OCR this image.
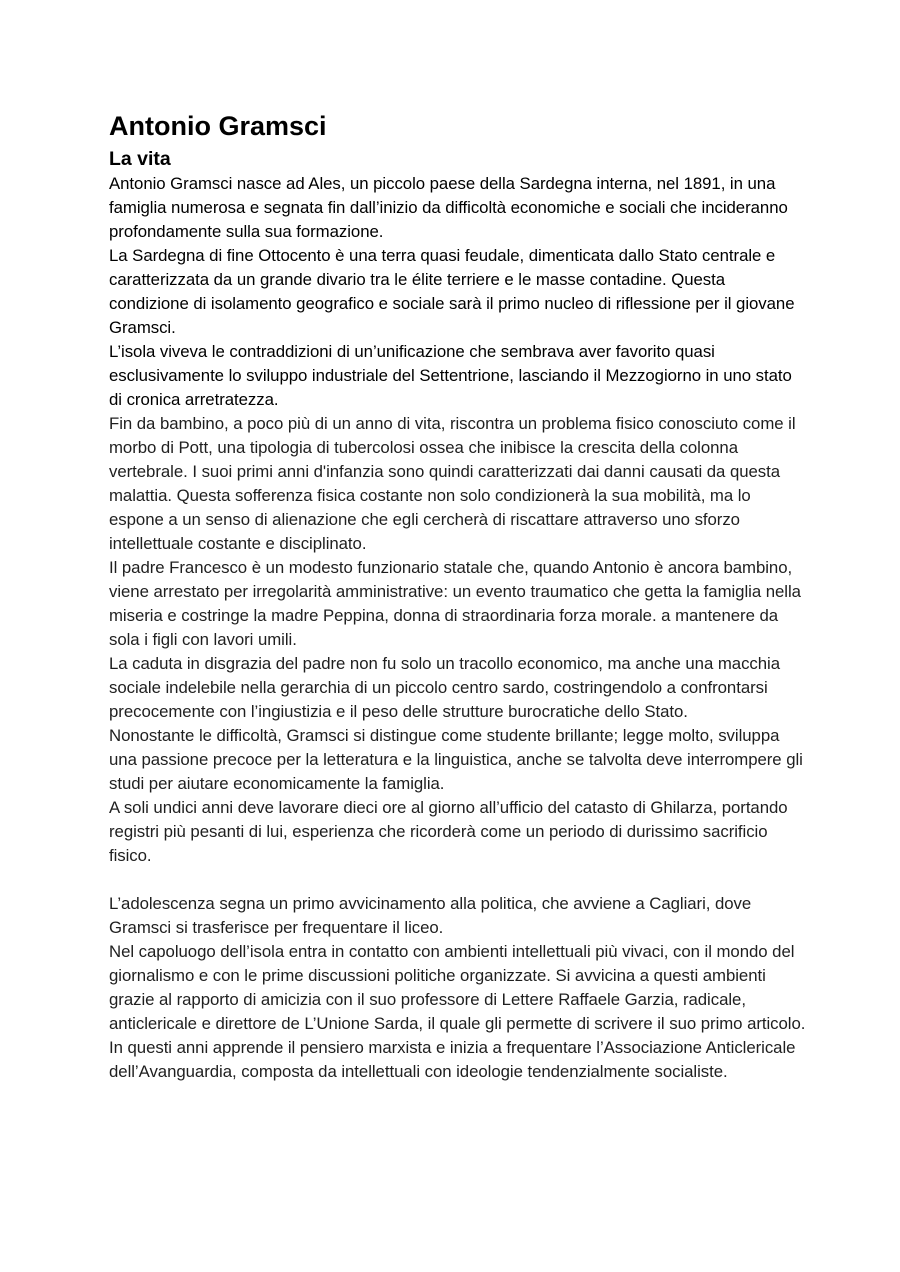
Antonio Gramsci
La vita

Antonio Gramsci nasce ad Ales, un piccolo paese della Sardegna interna, nel 1891, in una famiglia numerosa e segnata fin dall’inizio da difficoltà economiche e sociali che incideranno profondamente sulla sua formazione.

La Sardegna di fine Ottocento è una terra quasi feudale, dimenticata dallo Stato centrale e caratterizzata da un grande divario tra le élite terriere e le masse contadine. Questa condizione di isolamento geografico e sociale sarà il primo nucleo di riflessione per il giovane Gramsci.

L’isola viveva le contraddizioni di un’unificazione che sembrava aver favorito quasi esclusivamente lo sviluppo industriale del Settentrione, lasciando il Mezzogiorno in uno stato di cronica arretratezza.

Fin da bambino, a poco più di un anno di vita, riscontra un problema fisico conosciuto come il morbo di Pott, una tipologia di tubercolosi ossea che inibisce la crescita della colonna vertebrale. I suoi primi anni d'infanzia sono quindi caratterizzati dai danni causati da questa malattia. Questa sofferenza fisica costante non solo condizionerà la sua mobilità, ma lo espone a un senso di alienazione che egli cercherà di riscattare attraverso uno sforzo intellettuale costante e disciplinato.

Il padre Francesco è un modesto funzionario statale che, quando Antonio è ancora bambino, viene arrestato per irregolarità amministrative: un evento traumatico che getta la famiglia nella miseria e costringe la madre Peppina, donna di straordinaria forza morale. a mantenere da sola i figli con lavori umili.

La caduta in disgrazia del padre non fu solo un tracollo economico, ma anche una macchia sociale indelebile nella gerarchia di un piccolo centro sardo, costringendolo a confrontarsi precocemente con l’ingiustizia e il peso delle strutture burocratiche dello Stato.

Nonostante le difficoltà, Gramsci si distingue come studente brillante; legge molto, sviluppa una passione precoce per la letteratura e la linguistica, anche se talvolta deve interrompere gli studi per aiutare economicamente la famiglia.

A soli undici anni deve lavorare dieci ore al giorno all’ufficio del catasto di Ghilarza, portando registri più pesanti di lui, esperienza che ricorderà come un periodo di durissimo sacrificio fisico.

L’adolescenza segna un primo avvicinamento alla politica, che avviene a Cagliari, dove Gramsci si trasferisce per frequentare il liceo.

Nel capoluogo dell’isola entra in contatto con ambienti intellettuali più vivaci, con il mondo del giornalismo e con le prime discussioni politiche organizzate. Si avvicina a questi ambienti grazie al rapporto di amicizia con il suo professore di Lettere Raffaele Garzia, radicale, anticlericale e direttore de L’Unione Sarda, il quale gli permette di scrivere il suo primo articolo. In questi anni apprende il pensiero marxista e inizia a frequentare l’Associazione Anticlericale dell’Avanguardia, composta da intellettuali con ideologie tendenzialmente socialiste.
